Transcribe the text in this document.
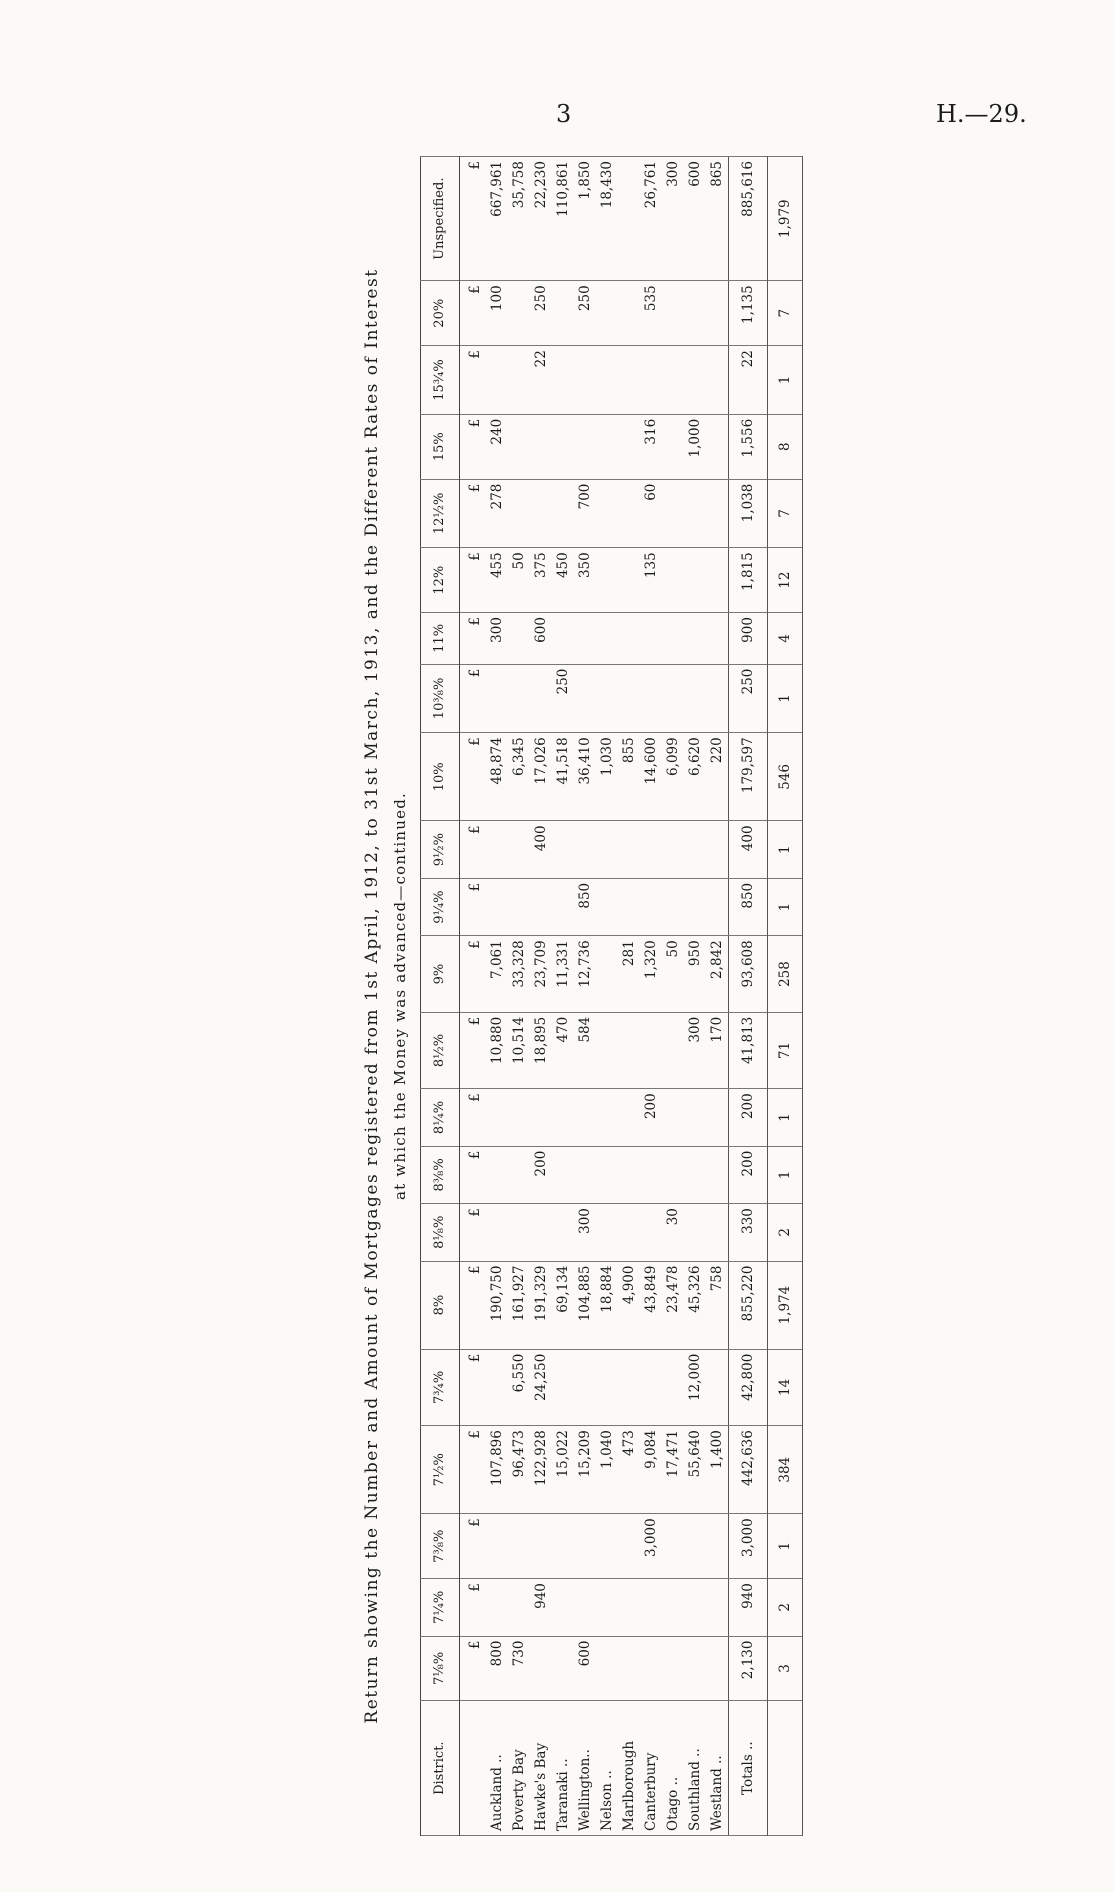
3	H.—29.
Return showing the Number and Amount of Mortgages registered from 1st April, 1912, to 31st March, 1913, and the Different Rates of Interest at which the Money was advanced—continued.
District.	7⅛%	7¼%	7⅜%	7½%	7¾%	8%	8⅛%	8⅜%	8¼%	8½%	9%	9¼%	9½%	10%	10⅜%	11%	12%	12½%	15%	15¾%	20%	Unspecified.
	£	£	£	£	£	£	£	£	£	£	£	£	£	£	£	£	£	£	£	£	£	£
Auckland ..	800			107,896		190,750				10,880	7,061			48,874		300	455	278	240		100	667,961
Poverty Bay	730			96,473	6,550	161,927				10,514	33,328			6,345			50					35,758
Hawke's Bay		940		122,928	24,250	191,329		200		18,895	23,709		400	17,026		600	375			22	250	22,230
Taranaki ..				15,022		69,134				470	11,331			41,518	250		450					110,861
Wellington..	600			15,209		104,885	300			584	12,736	850		36,410			350	700			250	1,850
Nelson ..				1,040		18,884								1,030								18,430
Marlborough				473		4,900					281			855								
Canterbury			3,000	9,084		43,849			200		1,320			14,600			135	60	316		535	26,761
Otago ..				17,471		23,478	30				50			6,099								300
Southland ..				55,640	12,000	45,326				300	950			6,620					1,000			600
Westland ..				1,400		758				170	2,842			220								865
Totals ..	2,130	940	3,000	442,636	42,800	855,220	330	200	200	41,813	93,608	850	400	179,597	250	900	1,815	1,038	1,556	22	1,135	885,616
	3	2	1	384	14	1,974	2	1	1	71	258	1	1	546	1	4	12	7	8	1	7	1,979
